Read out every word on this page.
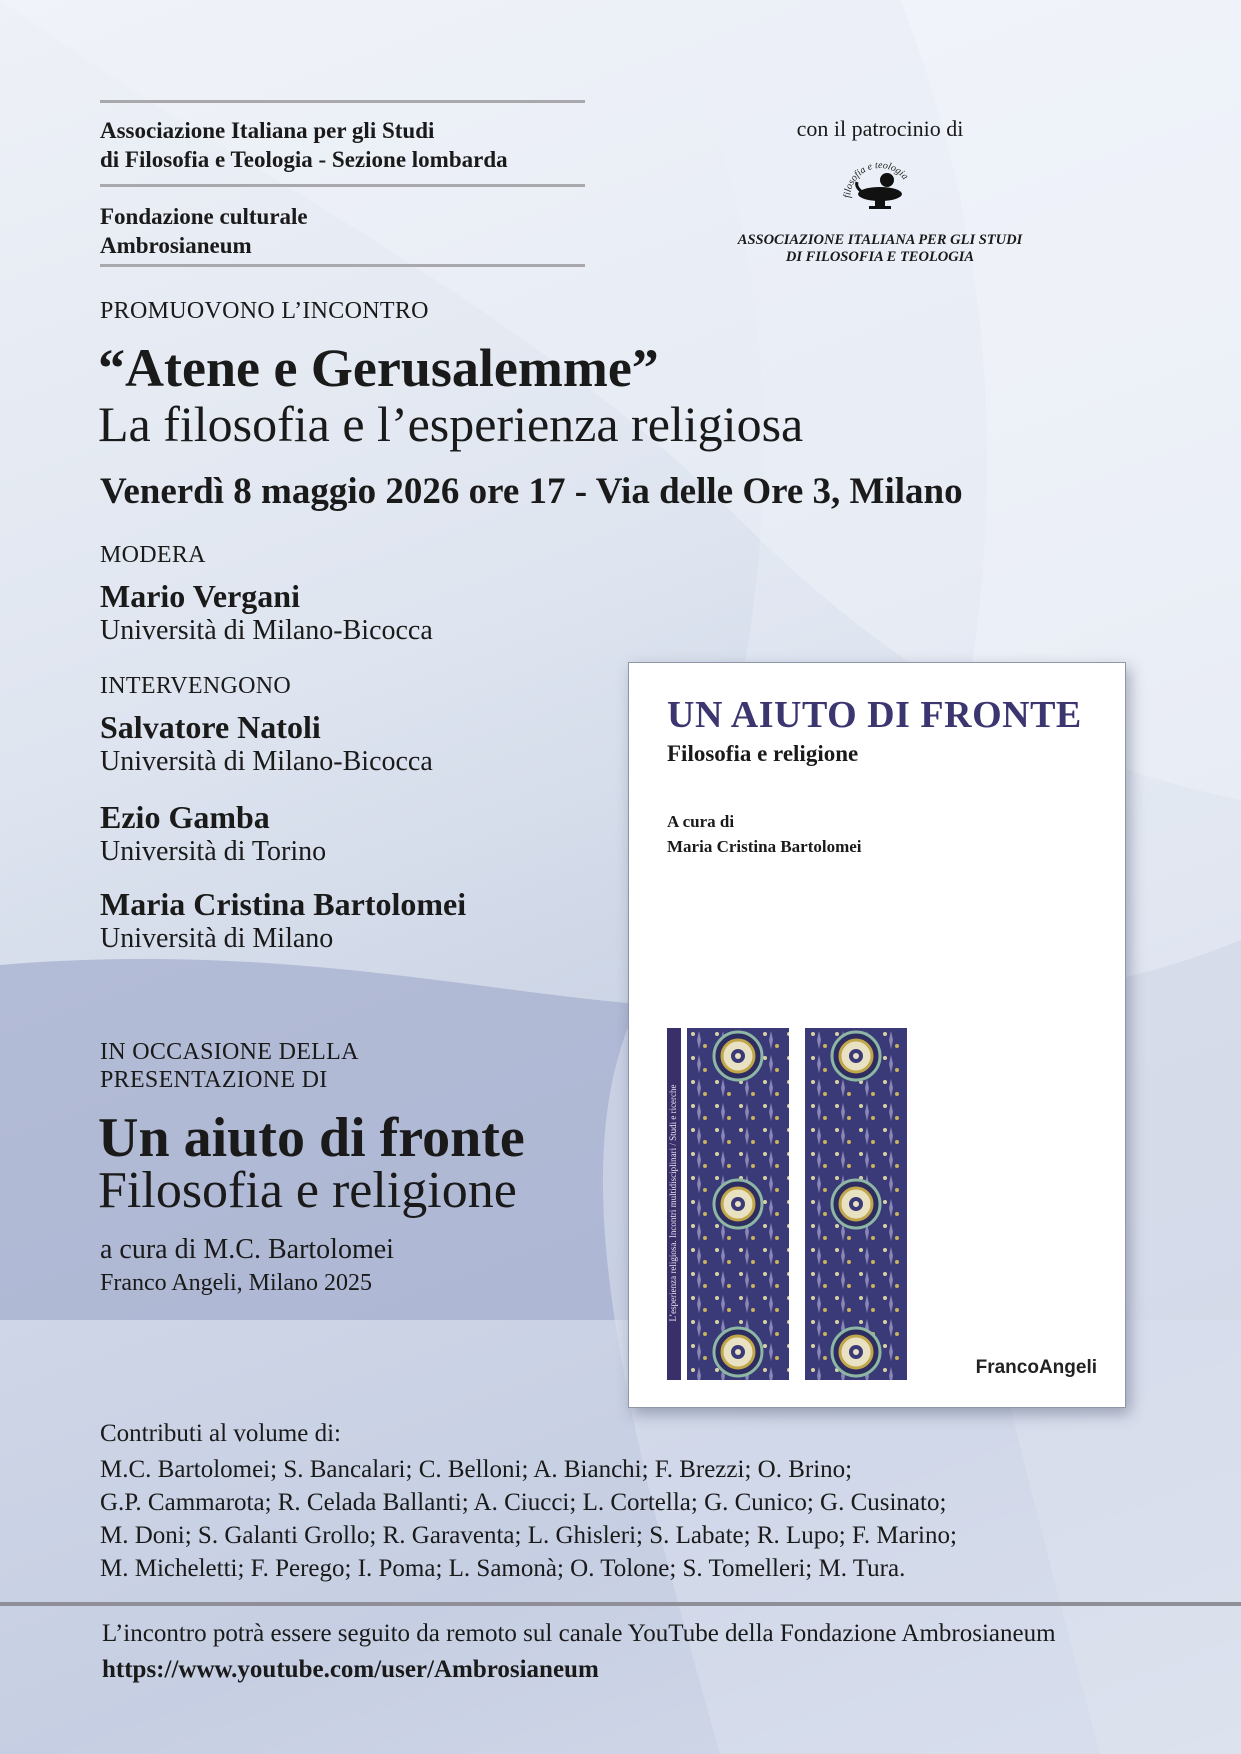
Associazione Italiana per gli Studi
di Filosofia e Teologia - Sezione lombarda
Fondazione culturale
Ambrosianeum
con il patrocinio di
filosofia e teologia
ASSOCIAZIONE ITALIANA PER GLI STUDI
DI FILOSOFIA E TEOLOGIA
PROMUOVONO L’INCONTRO
“Atene e Gerusalemme”
La filosofia e l’esperienza religiosa
Venerdì 8 maggio 2026 ore 17 - Via delle Ore 3, Milano
MODERA
Mario Vergani
Università di Milano-Bicocca
INTERVENGONO
Salvatore Natoli
Università di Milano-Bicocca
Ezio Gamba
Università di Torino
Maria Cristina Bartolomei
Università di Milano
IN OCCASIONE DELLA
PRESENTAZIONE DI
Un aiuto di fronte
Filosofia e religione
a cura di M.C. Bartolomei
Franco Angeli, Milano 2025
UN AIUTO DI FRONTE
Filosofia e religione
A cura di
Maria Cristina Bartolomei
L’esperienza religiosa. Incontri multidisciplinari / Studi e ricerche
FrancoAngeli
Contributi al volume di:
M.C. Bartolomei; S. Bancalari; C. Belloni; A. Bianchi; F. Brezzi; O. Brino;
G.P. Cammarota; R. Celada Ballanti; A. Ciucci; L. Cortella; G. Cunico; G. Cusinato;
M. Doni; S. Galanti Grollo; R. Garaventa; L. Ghisleri; S. Labate; R. Lupo; F. Marino;
M. Micheletti; F. Perego; I. Poma; L. Samonà; O. Tolone; S. Tomelleri; M. Tura.
L’incontro potrà essere seguito da remoto sul canale YouTube della Fondazione Ambrosianeum
https://www.youtube.com/user/Ambrosianeum
